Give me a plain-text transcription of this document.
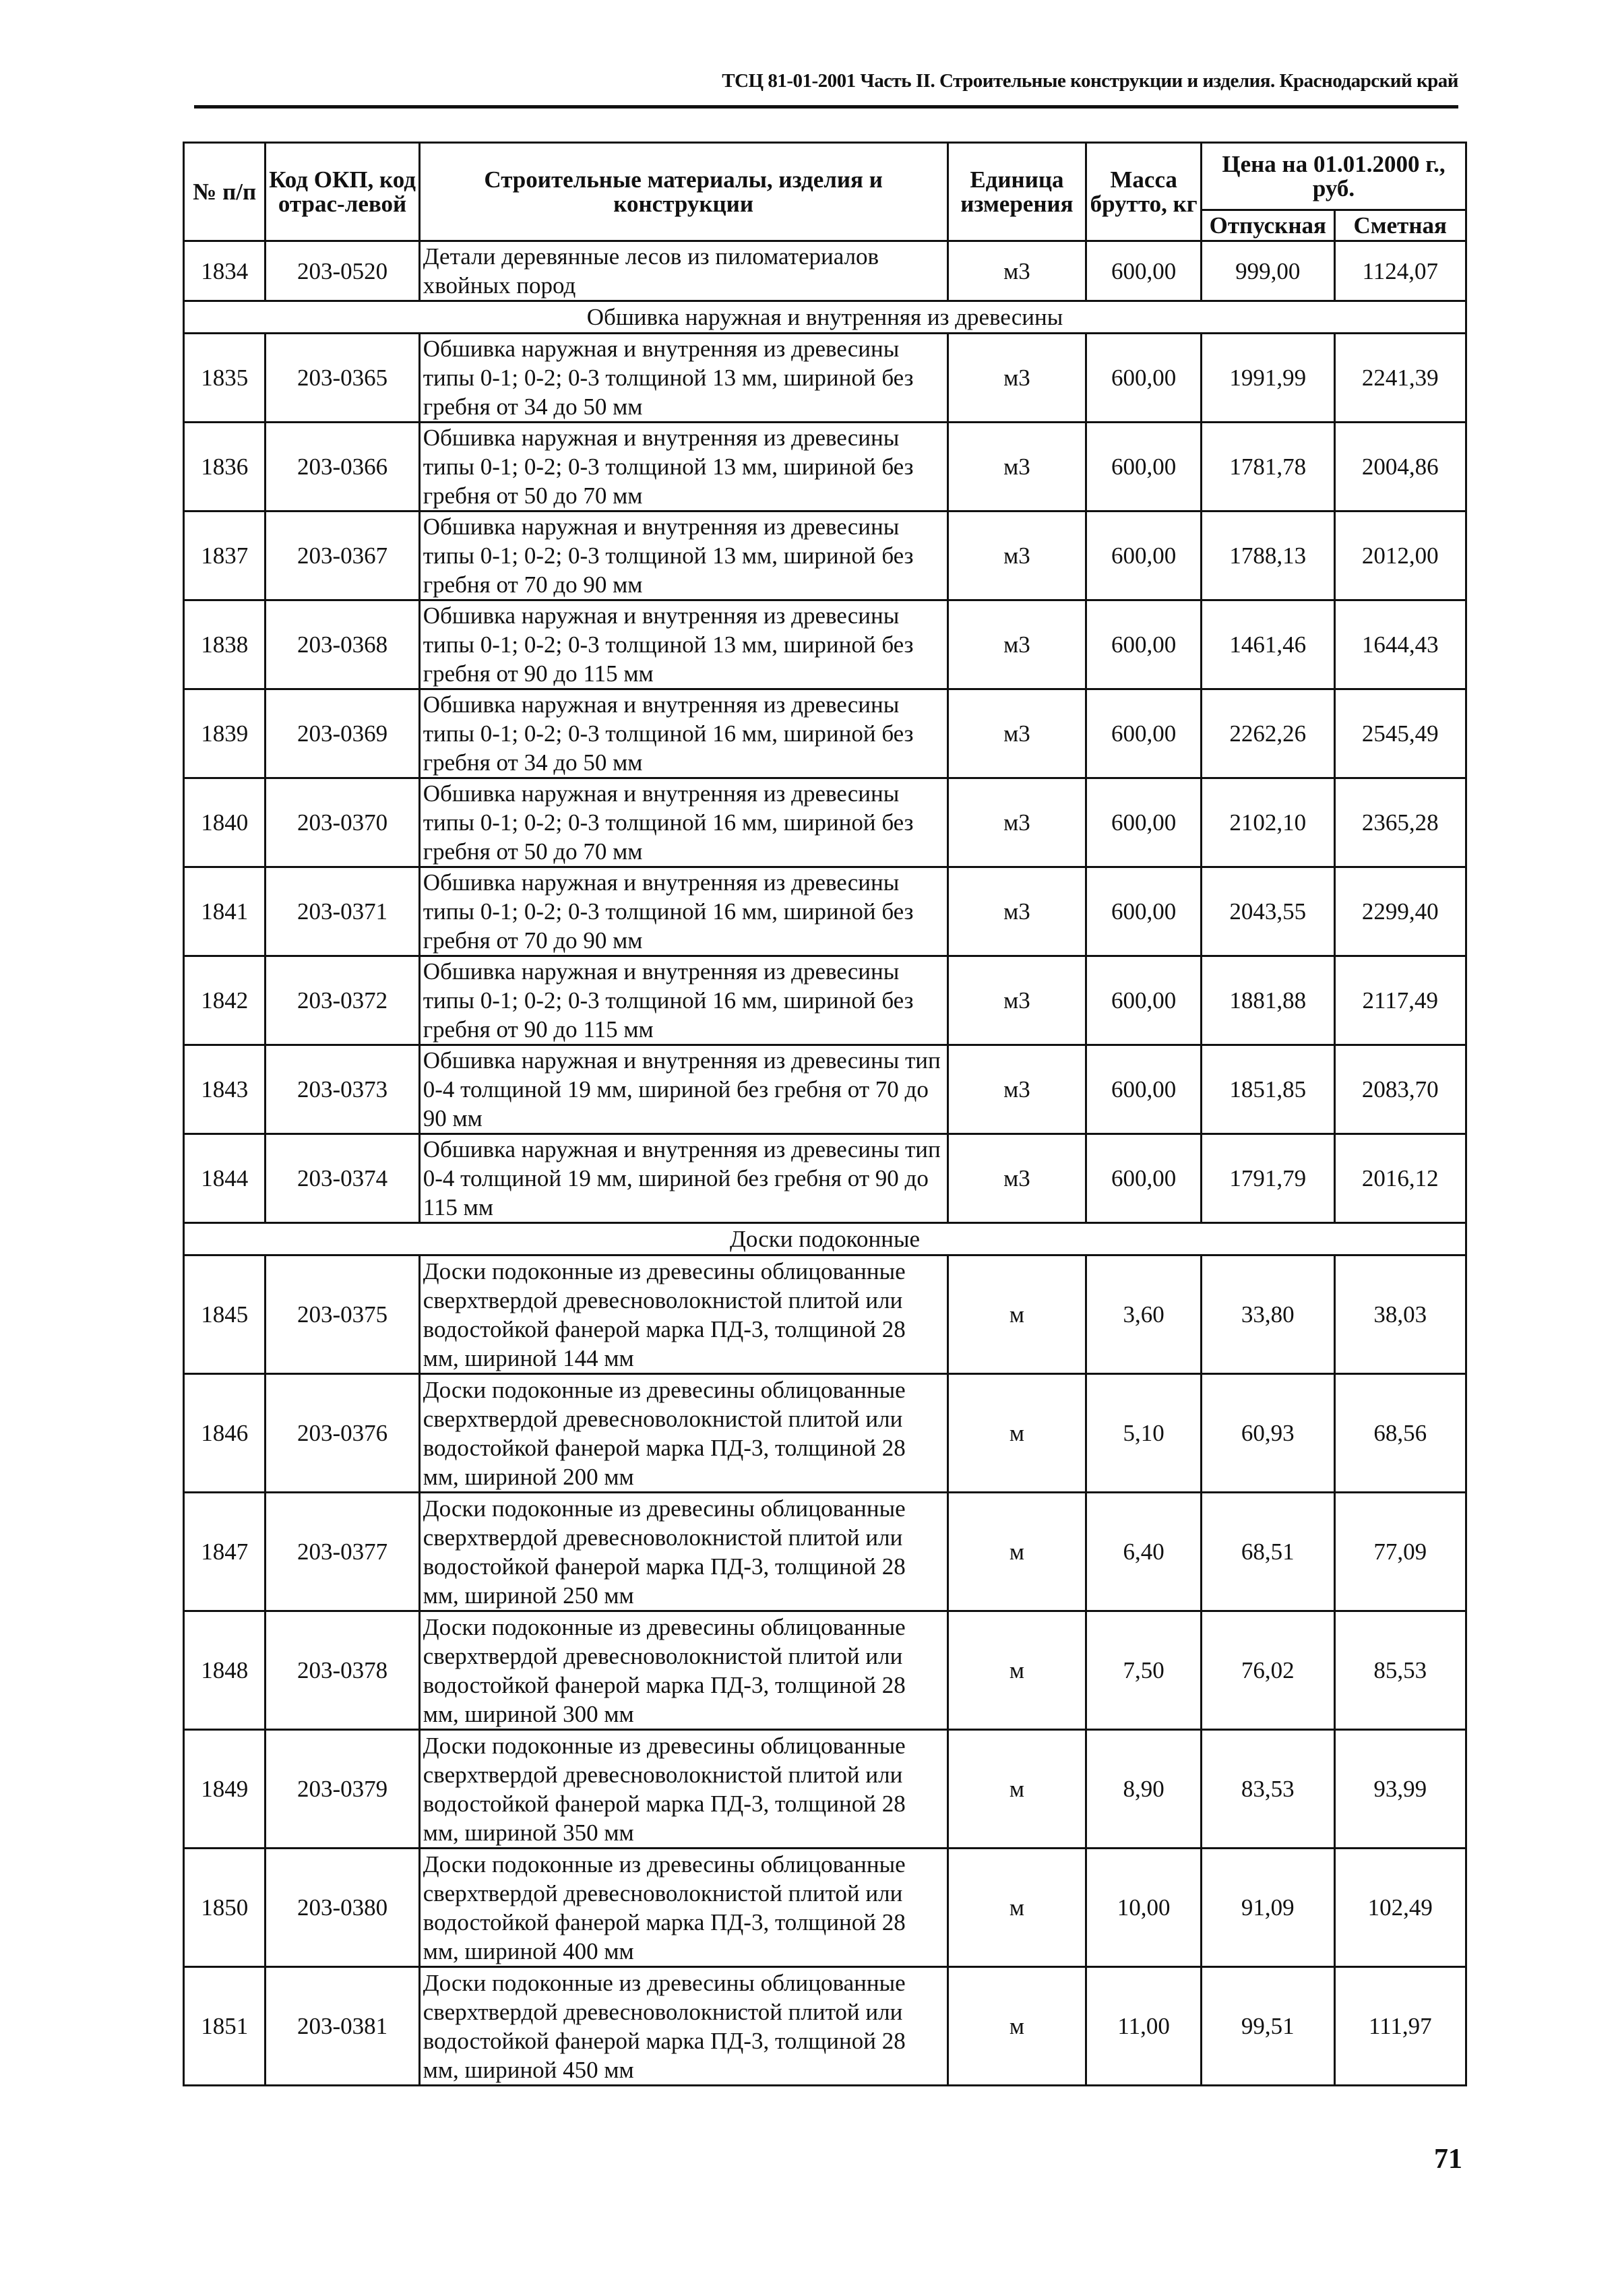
ТСЦ 81-01-2001 Часть II. Строительные конструкции и изделия. Краснодарский край
№ п/п	Код ОКП, код отрас-левой	Строительные материалы, изделия и конструкции	Единица измерения	Масса брутто, кг	Цена на 01.01.2000 г., руб.	
					Отпускная	Сметная
1834	203-0520	Детали деревянные лесов из пиломатериалов хвойных пород	м3	600,00	999,00	1124,07
Обшивка наружная и внутренняя из древесины						
1835	203-0365	Обшивка наружная и внутренняя из древесины типы 0-1; 0-2; 0-3 толщиной 13 мм, шириной без гребня от 34 до 50 мм	м3	600,00	1991,99	2241,39
1836	203-0366	Обшивка наружная и внутренняя из древесины типы 0-1; 0-2; 0-3 толщиной 13 мм, шириной без гребня от 50 до 70 мм	м3	600,00	1781,78	2004,86
1837	203-0367	Обшивка наружная и внутренняя из древесины типы 0-1; 0-2; 0-3 толщиной 13 мм, шириной без гребня от 70 до 90 мм	м3	600,00	1788,13	2012,00
1838	203-0368	Обшивка наружная и внутренняя из древесины типы 0-1; 0-2; 0-3 толщиной 13 мм, шириной без гребня от 90 до 115 мм	м3	600,00	1461,46	1644,43
1839	203-0369	Обшивка наружная и внутренняя из древесины типы 0-1; 0-2; 0-3 толщиной 16 мм, шириной без гребня от 34 до 50 мм	м3	600,00	2262,26	2545,49
1840	203-0370	Обшивка наружная и внутренняя из древесины типы 0-1; 0-2; 0-3 толщиной 16 мм, шириной без гребня от 50 до 70 мм	м3	600,00	2102,10	2365,28
1841	203-0371	Обшивка наружная и внутренняя из древесины типы 0-1; 0-2; 0-3 толщиной 16 мм, шириной без гребня от 70 до 90 мм	м3	600,00	2043,55	2299,40
1842	203-0372	Обшивка наружная и внутренняя из древесины типы 0-1; 0-2; 0-3 толщиной 16 мм, шириной без гребня от 90 до 115 мм	м3	600,00	1881,88	2117,49
1843	203-0373	Обшивка наружная и внутренняя из древесины тип 0-4 толщиной 19 мм, шириной без гребня от 70 до 90 мм	м3	600,00	1851,85	2083,70
1844	203-0374	Обшивка наружная и внутренняя из древесины тип 0-4 толщиной 19 мм, шириной без гребня от 90 до 115 мм	м3	600,00	1791,79	2016,12
Доски подоконные						
1845	203-0375	Доски подоконные из древесины облицованные сверхтвердой древесноволокнистой плитой или водостойкой фанерой марка ПД-3, толщиной 28 мм, шириной 144 мм	м	3,60	33,80	38,03
1846	203-0376	Доски подоконные из древесины облицованные сверхтвердой древесноволокнистой плитой или водостойкой фанерой марка ПД-3, толщиной 28 мм, шириной 200 мм	м	5,10	60,93	68,56
1847	203-0377	Доски подоконные из древесины облицованные сверхтвердой древесноволокнистой плитой или водостойкой фанерой марка ПД-3, толщиной 28 мм, шириной 250 мм	м	6,40	68,51	77,09
1848	203-0378	Доски подоконные из древесины облицованные сверхтвердой древесноволокнистой плитой или водостойкой фанерой марка ПД-3, толщиной 28 мм, шириной 300 мм	м	7,50	76,02	85,53
1849	203-0379	Доски подоконные из древесины облицованные сверхтвердой древесноволокнистой плитой или водостойкой фанерой марка ПД-3, толщиной 28 мм, шириной 350 мм	м	8,90	83,53	93,99
1850	203-0380	Доски подоконные из древесины облицованные сверхтвердой древесноволокнистой плитой или водостойкой фанерой марка ПД-3, толщиной 28 мм, шириной 400 мм	м	10,00	91,09	102,49
1851	203-0381	Доски подоконные из древесины облицованные сверхтвердой древесноволокнистой плитой или водостойкой фанерой марка ПД-3, толщиной 28 мм, шириной 450 мм	м	11,00	99,51	111,97
71
